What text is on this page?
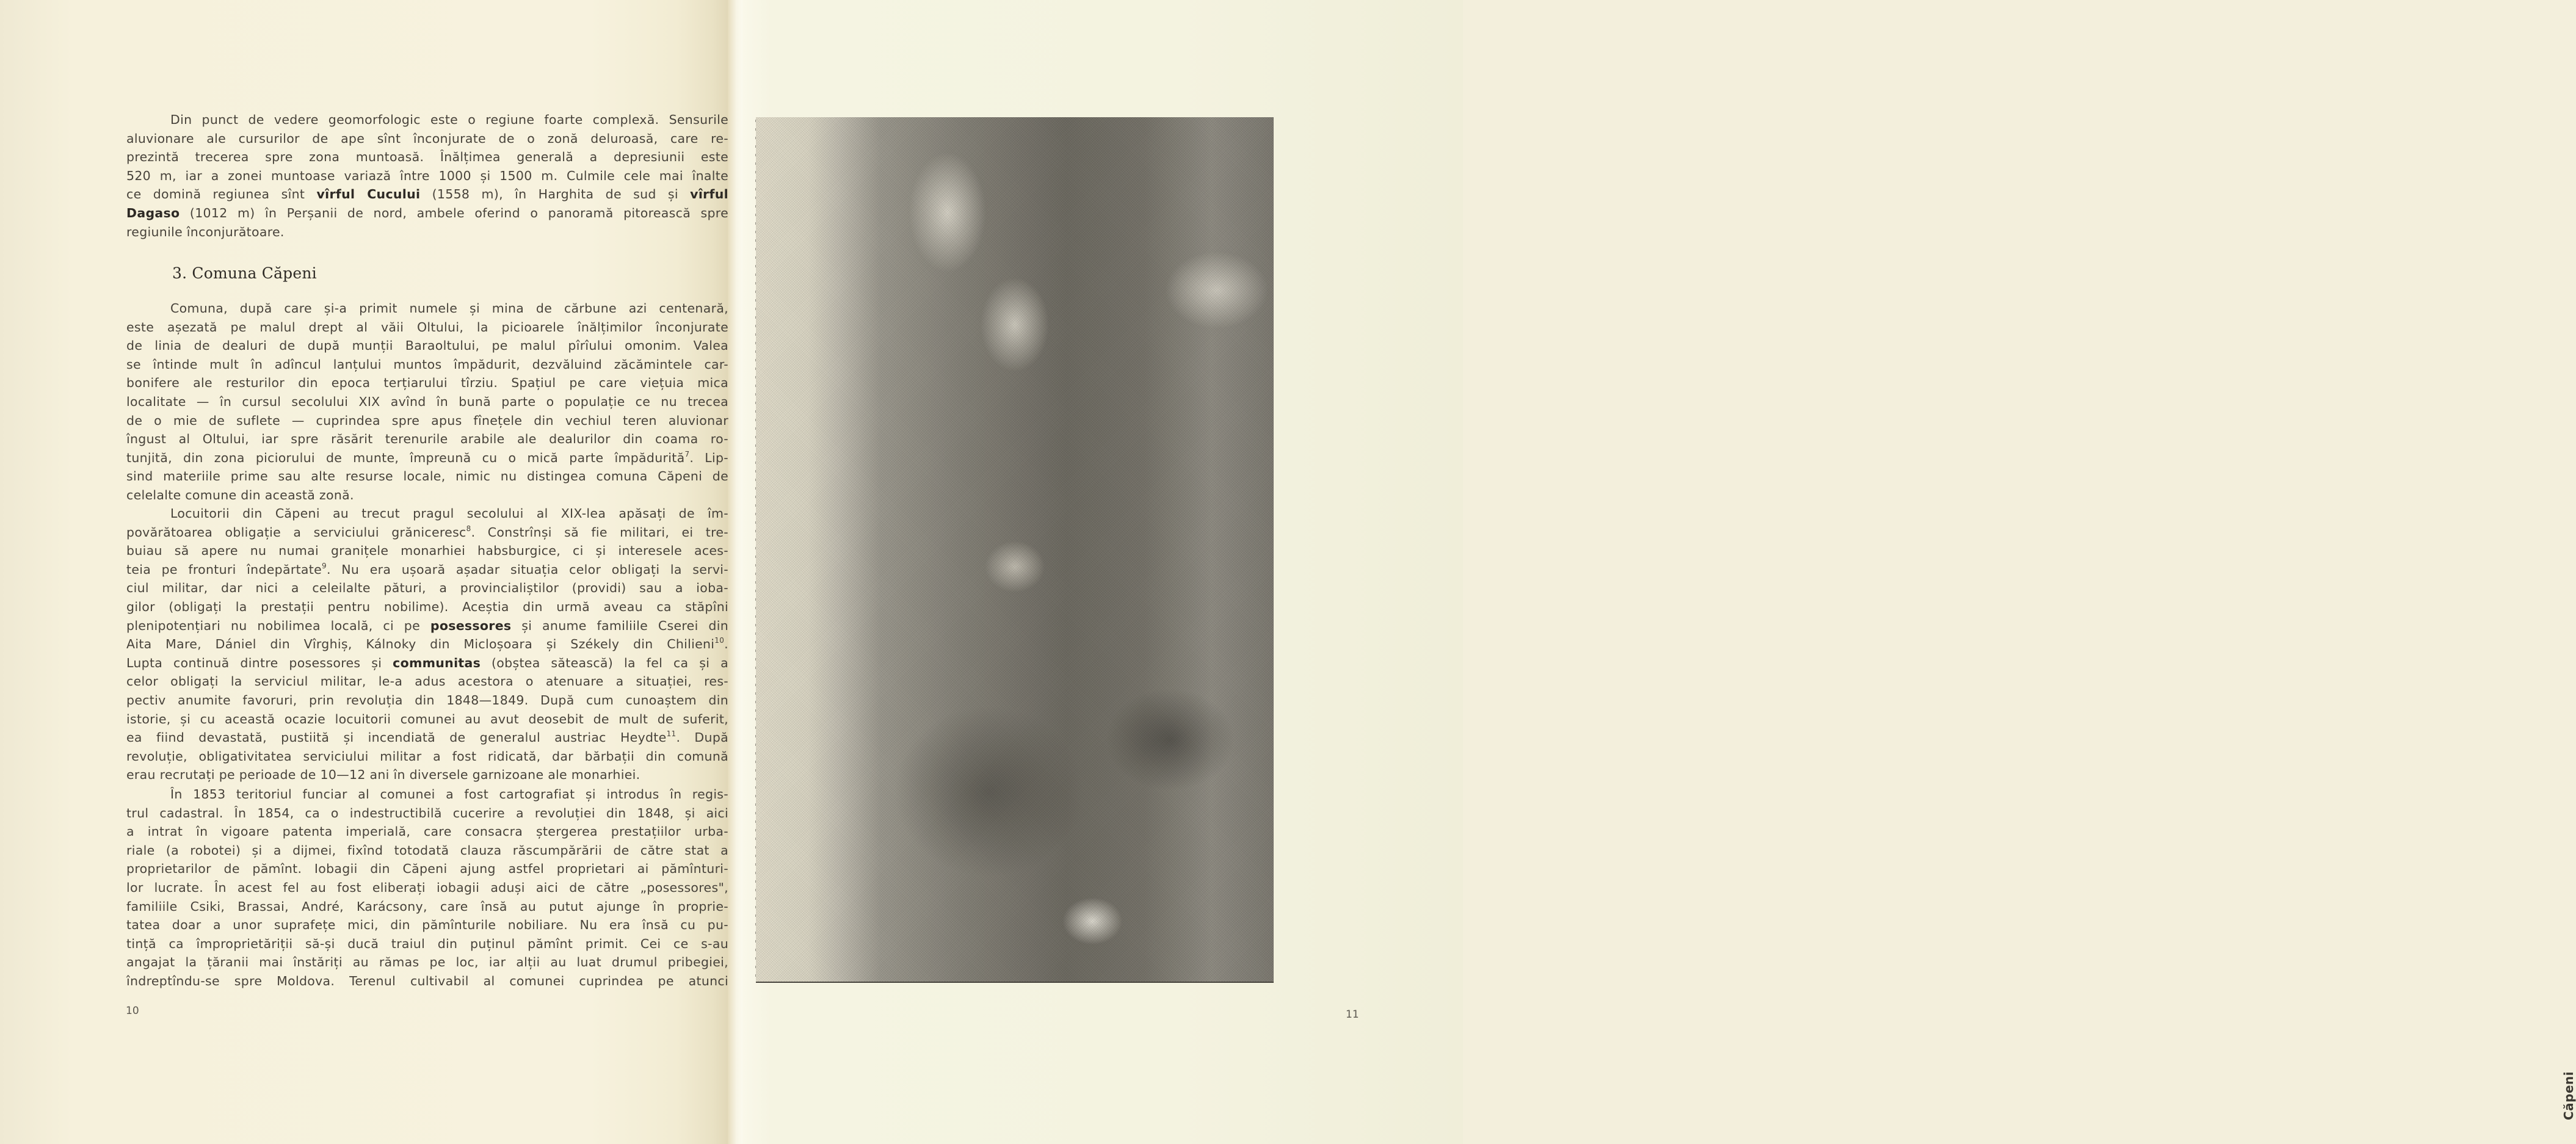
Din punct de vedere geomorfologic este o regiune foarte complexă. Sensurile
aluvionare ale cursurilor de ape sînt înconjurate de o zonă deluroasă, care re-
prezintă trecerea spre zona muntoasă. Înălțimea generală a depresiunii este
520 m, iar a zonei muntoase variază între 1000 și 1500 m. Culmile cele mai înalte
ce domină regiunea sînt vîrful Cucului (1558 m), în Harghita de sud și vîrful
Dagaso (1012 m) în Perșanii de nord, ambele oferind o panoramă pitorească spre
regiunile înconjurătoare.
3. Comuna Căpeni
Comuna, după care și-a primit numele și mina de cărbune azi centenară,
este așezată pe malul drept al văii Oltului, la picioarele înălțimilor înconjurate
de linia de dealuri de după munții Baraoltului, pe malul pîrîului omonim. Valea
se întinde mult în adîncul lanțului muntos împădurit, dezvăluind zăcămintele car-
bonifere ale resturilor din epoca terțiarului tîrziu. Spațiul pe care viețuia mica
localitate — în cursul secolului XIX avînd în bună parte o populație ce nu trecea
de o mie de suflete — cuprindea spre apus fînețele din vechiul teren aluvionar
îngust al Oltului, iar spre răsărit terenurile arabile ale dealurilor din coama ro-
tunjită, din zona piciorului de munte, împreună cu o mică parte împădurită$^7$. Lip-
sind materiile prime sau alte resurse locale, nimic nu distingea comuna Căpeni de
celelalte comune din această zonă.
Locuitorii din Căpeni au trecut pragul secolului al XIX-lea apăsați de îm-
povărătoarea obligație a serviciului grăniceresc$^8$. Constrînși să fie militari, ei tre-
buiau să apere nu numai granițele monarhiei habsburgice, ci și interesele aces-
teia pe fronturi îndepărtate$^9$. Nu era ușoară așadar situația celor obligați la servi-
ciul militar, dar nici a celeilalte pături, a provincialiștilor (providi) sau a ioba-
gilor (obligați la prestații pentru nobilime). Aceștia din urmă aveau ca stăpîni
plenipotențiari nu nobilimea locală, ci pe posessores și anume familiile Cserei din
Aita Mare, Dániel din Vîrghiș, Kálnoky din Micloșoara și Székely din Chilieni$^{10}$.
Lupta continuă dintre posessores și communitas (obștea sătească) la fel ca și a
celor obligați la serviciul militar, le-a adus acestora o atenuare a situației, res-
pectiv anumite favoruri, prin revoluția din 1848—1849. După cum cunoaștem din
istorie, și cu această ocazie locuitorii comunei au avut deosebit de mult de suferit,
ea fiind devastată, pustiită și incendiată de generalul austriac Heydte$^{11}$. După
revoluție, obligativitatea serviciului militar a fost ridicată, dar bărbații din comună
erau recrutați pe perioade de 10—12 ani în diversele garnizoane ale monarhiei.
În 1853 teritoriul funciar al comunei a fost cartografiat și introdus în regis-
trul cadastral. În 1854, ca o indestructibilă cucerire a revoluției din 1848, și aici
a intrat în vigoare patenta imperială, care consacra ștergerea prestațiilor urba-
riale (a robotei) și a dijmei, fixînd totodată clauza răscumpărării de către stat a
proprietarilor de pămînt. Iobagii din Căpeni ajung astfel proprietari ai pămînturi-
lor lucrate. În acest fel au fost eliberați iobagii aduși aici de către „posessores",
familiile Csiki, Brassai, André, Karácsony, care însă au putut ajunge în proprie-
tatea doar a unor suprafețe mici, din pămînturile nobiliare. Nu era însă cu pu-
tință ca împroprietăriții să-și ducă traiul din puținul pămînt primit. Cei ce s-au
angajat la țăranii mai înstăriți au rămas pe loc, iar alții au luat drumul pribegiei,
îndreptîndu-se spre Moldova. Terenul cultivabil al comunei cuprindea pe atunci
10
Căpeni
11
